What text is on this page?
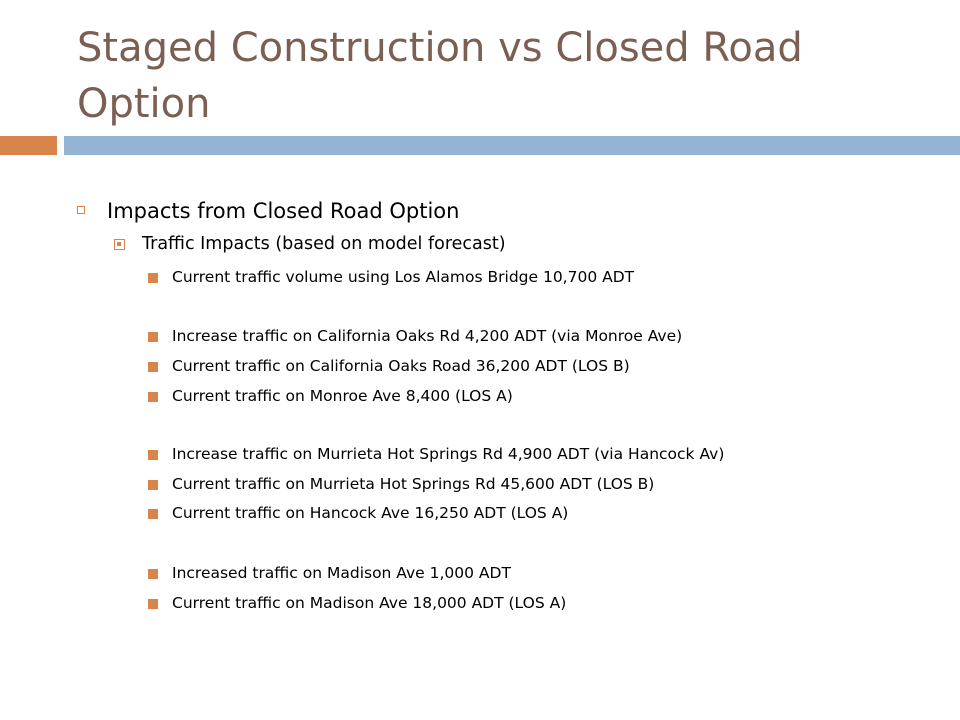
Staged Construction vs Closed Road Option
Impacts from Closed Road Option
Traffic Impacts (based on model forecast)
Current traffic volume using Los Alamos Bridge 10,700 ADT
Increase traffic on California Oaks Rd 4,200 ADT (via Monroe Ave)
Current traffic on California Oaks Road 36,200 ADT (LOS B)
Current traffic on Monroe Ave 8,400 (LOS A)
Increase traffic on Murrieta Hot Springs Rd 4,900 ADT (via Hancock Av)
Current traffic on Murrieta Hot Springs Rd 45,600 ADT (LOS B)
Current traffic on Hancock Ave 16,250 ADT (LOS A)
Increased traffic on Madison Ave 1,000 ADT
Current traffic on Madison Ave 18,000 ADT (LOS A)
